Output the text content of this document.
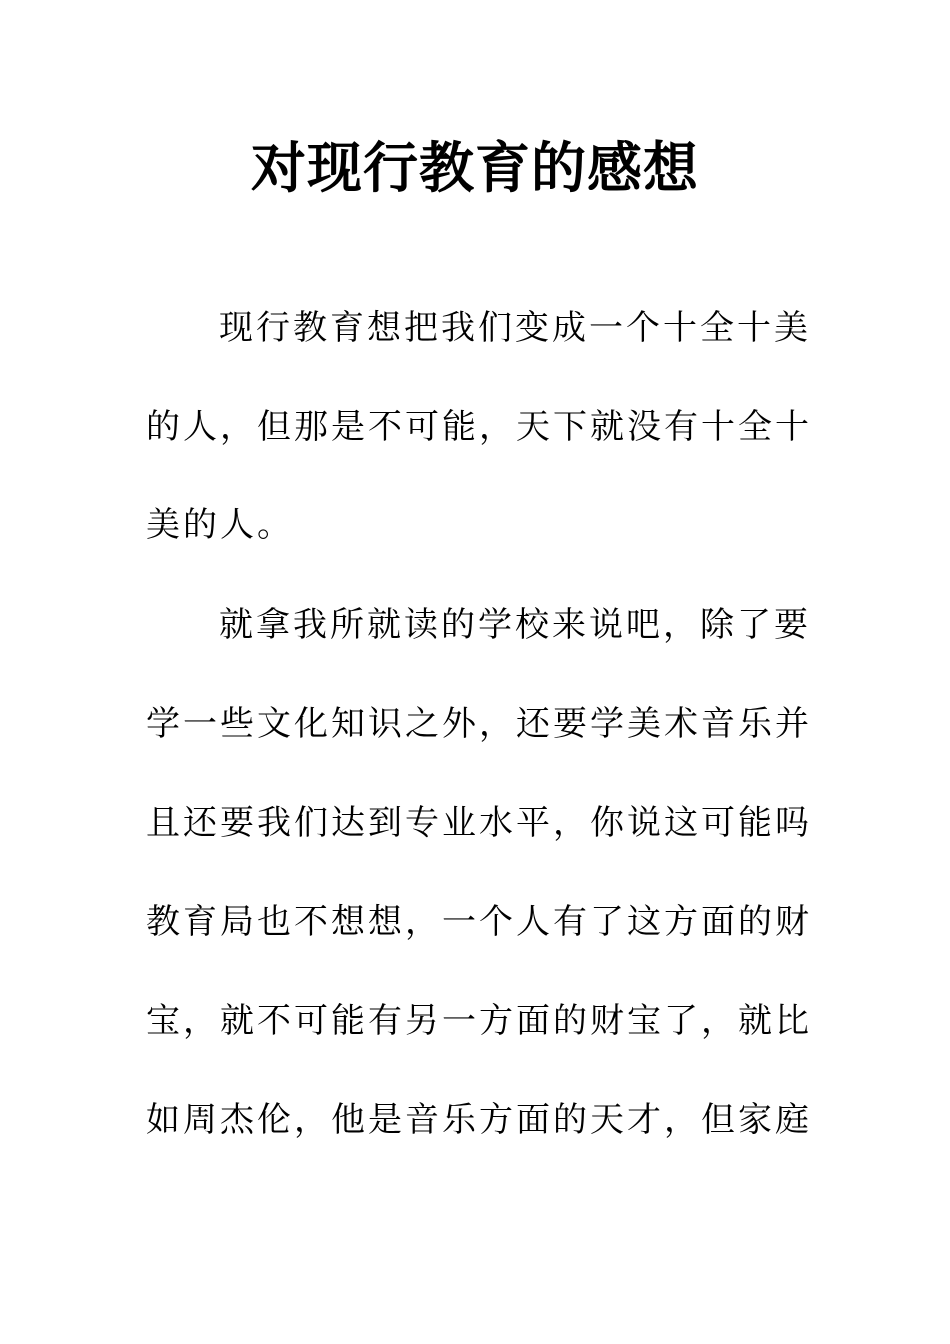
对现行教育的感想

现行教育想把我们变成一个十全十美

的人，但那是不可能，天下就没有十全十

美的人。

就拿我所就读的学校来说吧，除了要

学一些文化知识之外，还要学美术音乐并

且还要我们达到专业水平，你说这可能吗

教育局也不想想，一个人有了这方面的财

宝，就不可能有另一方面的财宝了，就比

如周杰伦，他是音乐方面的天才，但家庭
